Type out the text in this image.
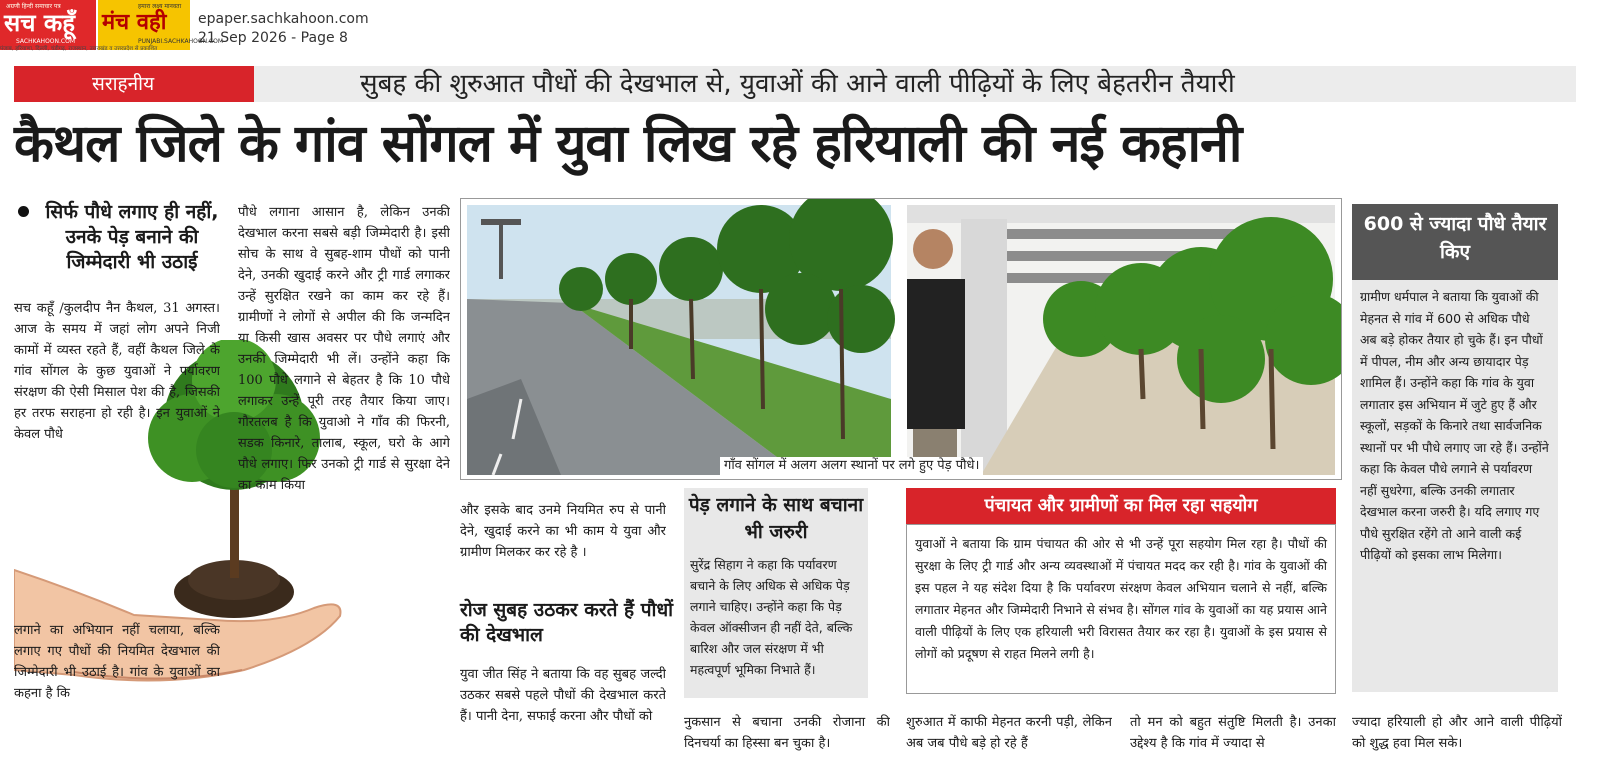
अग्रणी हिन्दी समाचार पत्र
सच कहूँ
SACHKAHOON.COM
हमारा लक्ष्य मानवता
मंच वही
PUNJABI.SACHKAHOON.COM
पंजाब, हरियाणा, दिल्ली, चंडीगढ़, राजस्थान, उत्तराखंड व उत्तरप्रदेश से प्रकाशित
epaper.sachkahoon.com
21 Sep 2026 - Page 8
सराहनीय	सुबह की शुरुआत पौधों की देखभाल से, युवाओं की आने वाली पीढ़ियों के लिए बेहतरीन तैयारी
कैथल जिले के गांव सोंगल में युवा लिख रहे हरियाली की नई कहानी
सिर्फ पौधे लगाए ही नहीं, उनके पेड़ बनाने की जिम्मेदारी भी उठाई
सच कहूँ /कुलदीप नैन कैथल, 31 अगस्त। आज के समय में जहां लोग अपने निजी कामों में व्यस्त रहते हैं, वहीं कैथल जिले के गांव सोंगल के कुछ युवाओं ने पर्यावरण संरक्षण की ऐसी मिसाल पेश की है, जिसकी हर तरफ सराहना हो रही है। इन युवाओं ने केवल पौधे
लगाने का अभियान नहीं चलाया, बल्कि लगाए गए पौधों की नियमित देखभाल की जिम्मेदारी भी उठाई है। गांव के युवाओं का कहना है कि
पौधे लगाना आसान है, लेकिन उनकी देखभाल करना सबसे बड़ी जिम्मेदारी है। इसी सोच के साथ वे सुबह-शाम पौधों को पानी देने, उनकी खुदाई करने और ट्री गार्ड लगाकर उन्हें सुरक्षित रखने का काम कर रहे हैं। ग्रामीणों ने लोगों से अपील की कि जन्मदिन या किसी खास अवसर पर पौधे लगाएं और उनकी जिम्मेदारी भी लें। उन्होंने कहा कि 100 पौधे लगाने से बेहतर है कि 10 पौधे लगाकर उन्हें पूरी तरह तैयार किया जाए। गौरतलब है कि युवाओ ने गाँव की फिरनी, सडक किनारे, तालाब, स्कूल, घरो के आगे पौधे लगाए। फिर उनको ट्री गार्ड से सुरक्षा देने का काम किया
गाँव सोंगल में अलग अलग स्थानों पर लगे हुए पेड़ पौधे।
और इसके बाद उनमे नियमित रुप से पानी देने, खुदाई करने का भी काम ये युवा और ग्रामीण मिलकर कर रहे है ।
रोज सुबह उठकर करते हैं पौधों की देखभाल
युवा जीत सिंह ने बताया कि वह सुबह जल्दी उठकर सबसे पहले पौधों की देखभाल करते हैं। पानी देना, सफाई करना और पौधों को
पेड़ लगाने के साथ बचाना भी जरुरी
सुरेंद्र सिहाग ने कहा कि पर्यावरण बचाने के लिए अधिक से अधिक पेड़ लगाने चाहिए। उन्होंने कहा कि पेड़ केवल ऑक्सीजन ही नहीं देते, बल्कि बारिश और जल संरक्षण में भी महत्वपूर्ण भूमिका निभाते हैं।
नुकसान से बचाना उनकी रोजाना की दिनचर्या का हिस्सा बन चुका है।
पंचायत और ग्रामीणों का मिल रहा सहयोग
युवाओं ने बताया कि ग्राम पंचायत की ओर से भी उन्हें पूरा सहयोग मिल रहा है। पौधों की सुरक्षा के लिए ट्री गार्ड और अन्य व्यवस्थाओं में पंचायत मदद कर रही है। गांव के युवाओं की इस पहल ने यह संदेश दिया है कि पर्यावरण संरक्षण केवल अभियान चलाने से नहीं, बल्कि लगातार मेहनत और जिम्मेदारी निभाने से संभव है। सोंगल गांव के युवाओं का यह प्रयास आने वाली पीढ़ियों के लिए एक हरियाली भरी विरासत तैयार कर रहा है। युवाओं के इस प्रयास से लोगों को प्रदूषण से राहत मिलने लगी है।
शुरुआत में काफी मेहनत करनी पड़ी, लेकिन अब जब पौधे बड़े हो रहे हैं
तो मन को बहुत संतुष्टि मिलती है। उनका उद्देश्य है कि गांव में ज्यादा से
600 से ज्यादा पौधे तैयार किए
ग्रामीण धर्मपाल ने बताया कि युवाओं की मेहनत से गांव में 600 से अधिक पौधे अब बड़े होकर तैयार हो चुके हैं। इन पौधों में पीपल, नीम और अन्य छायादार पेड़ शामिल हैं। उन्होंने कहा कि गांव के युवा लगातार इस अभियान में जुटे हुए हैं और स्कूलों, सड़कों के किनारे तथा सार्वजनिक स्थानों पर भी पौधे लगाए जा रहे हैं। उन्होंने कहा कि केवल पौधे लगाने से पर्यावरण नहीं सुधरेगा, बल्कि उनकी लगातार देखभाल करना जरुरी है। यदि लगाए गए पौधे सुरक्षित रहेंगे तो आने वाली कई पीढ़ियों को इसका लाभ मिलेगा।
ज्यादा हरियाली हो और आने वाली पीढ़ियों को शुद्ध हवा मिल सके।
